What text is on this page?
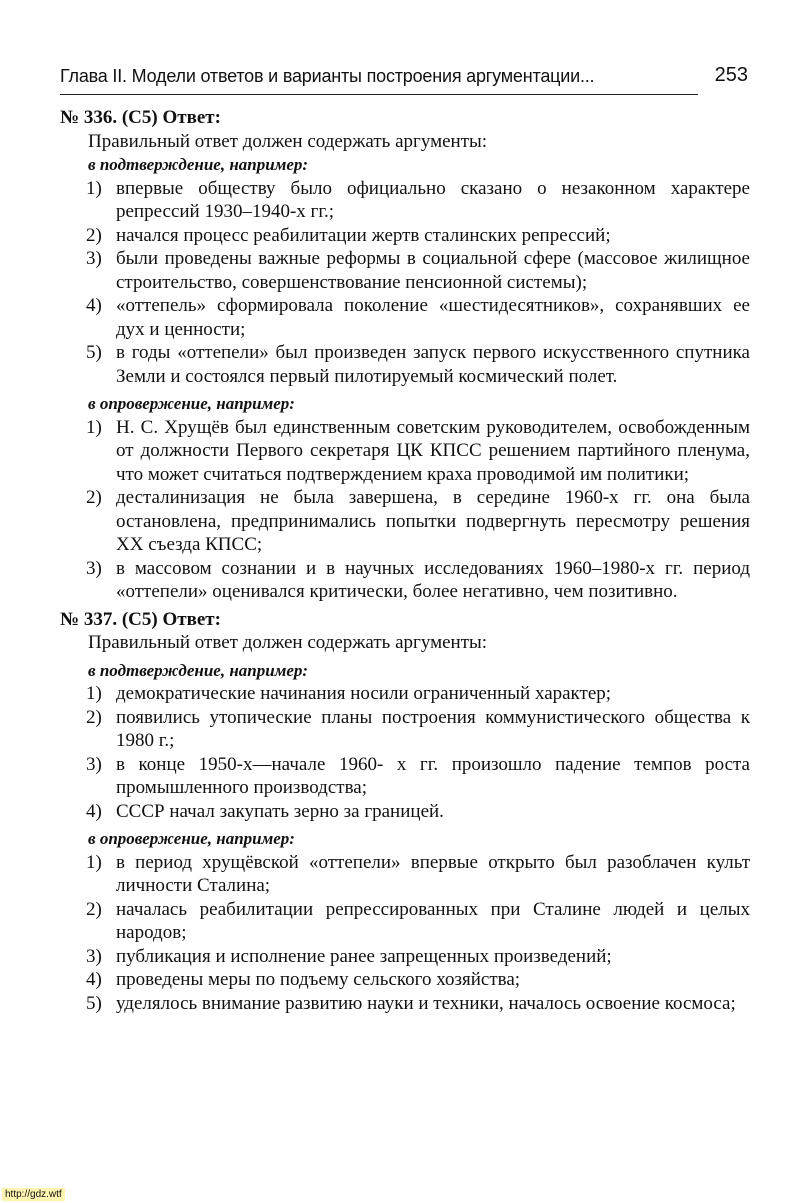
Глава II. Модели ответов и варианты построения аргументации...	253

№ 336. (С5) Ответ:

Правильный ответ должен содержать аргументы:

в подтверждение, например:

1) впервые обществу было официально сказано о незаконном характере репрессий 1930–1940-х гг.;
2) начался процесс реабилитации жертв сталинских репрессий;
3) были проведены важные реформы в социальной сфере (массовое жилищное строительство, совершенствование пенсионной системы);
4) «оттепель» сформировала поколение «шестидесятников», сохранявших ее дух и ценности;
5) в годы «оттепели» был произведен запуск первого искусственного спутника Земли и состоялся первый пилотируемый космический полет.

в опровержение, например:

1) Н. С. Хрущёв был единственным советским руководителем, освобожденным от должности Первого секретаря ЦК КПСС решением партийного пленума, что может считаться подтверждением краха проводимой им политики;
2) десталинизация не была завершена, в середине 1960-х гг. она была остановлена, предпринимались попытки подвергнуть пересмотру решения XX съезда КПСС;
3) в массовом сознании и в научных исследованиях 1960–1980-х гг. период «оттепели» оценивался критически, более негативно, чем позитивно.

№ 337. (С5) Ответ:

Правильный ответ должен содержать аргументы:

в подтверждение, например:

1) демократические начинания носили ограниченный характер;
2) появились утопические планы построения коммунистического общества к 1980 г.;
3) в конце 1950-х—начале 1960- х гг. произошло падение темпов роста промышленного производства;
4) СССР начал закупать зерно за границей.

в опровержение, например:

1) в период хрущёвской «оттепели» впервые открыто был разоблачен культ личности Сталина;
2) началась реабилитации репрессированных при Сталине людей и целых народов;
3) публикация и исполнение ранее запрещенных произведений;
4) проведены меры по подъему сельского хозяйства;
5) уделялось внимание развитию науки и техники, началось освоение космоса;
http://gdz.wtf
